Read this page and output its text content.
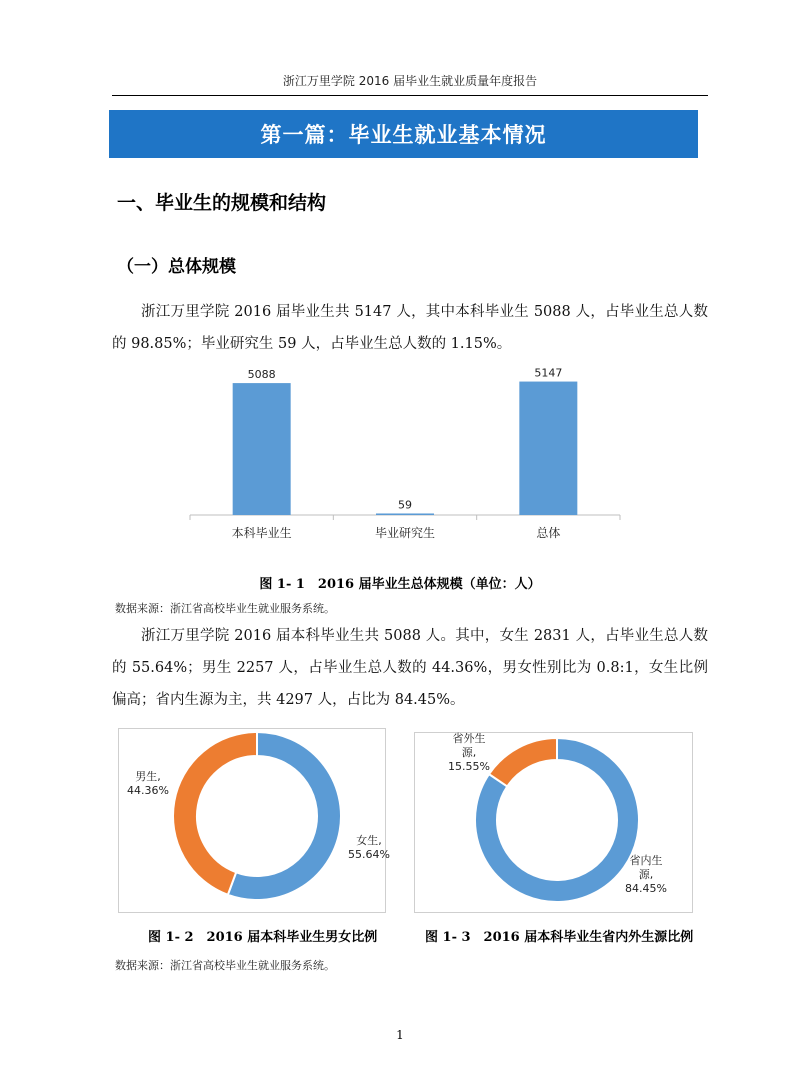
浙江万里学院 2016 届毕业生就业质量年度报告
第一篇：毕业生就业基本情况
一、毕业生的规模和结构
（一）总体规模
浙江万里学院 2016 届毕业生共 5147 人，其中本科毕业生 5088 人，占毕业生总人数的 98.85%；毕业研究生 59 人，占毕业生总人数的 1.15%。
5088
本科毕业生
59
毕业研究生
5147
总体
图 1- 1　2016 届毕业生总体规模（单位：人）
数据来源：浙江省高校毕业生就业服务系统。
浙江万里学院 2016 届本科毕业生共 5088 人。其中，女生 2831 人，占毕业生总人数的 55.64%；男生 2257 人，占毕业生总人数的 44.36%，男女性别比为 0.8:1，女生比例偏高；省内生源为主，共 4297 人，占比为 84.45%。
女生, 55.64%
男生, 44.36%
省内生源, 84.45%
省外生源, 15.55%
图 1- 2　2016 届本科毕业生男女比例	图 1- 3　2016 届本科毕业生省内外生源比例
数据来源：浙江省高校毕业生就业服务系统。
1
